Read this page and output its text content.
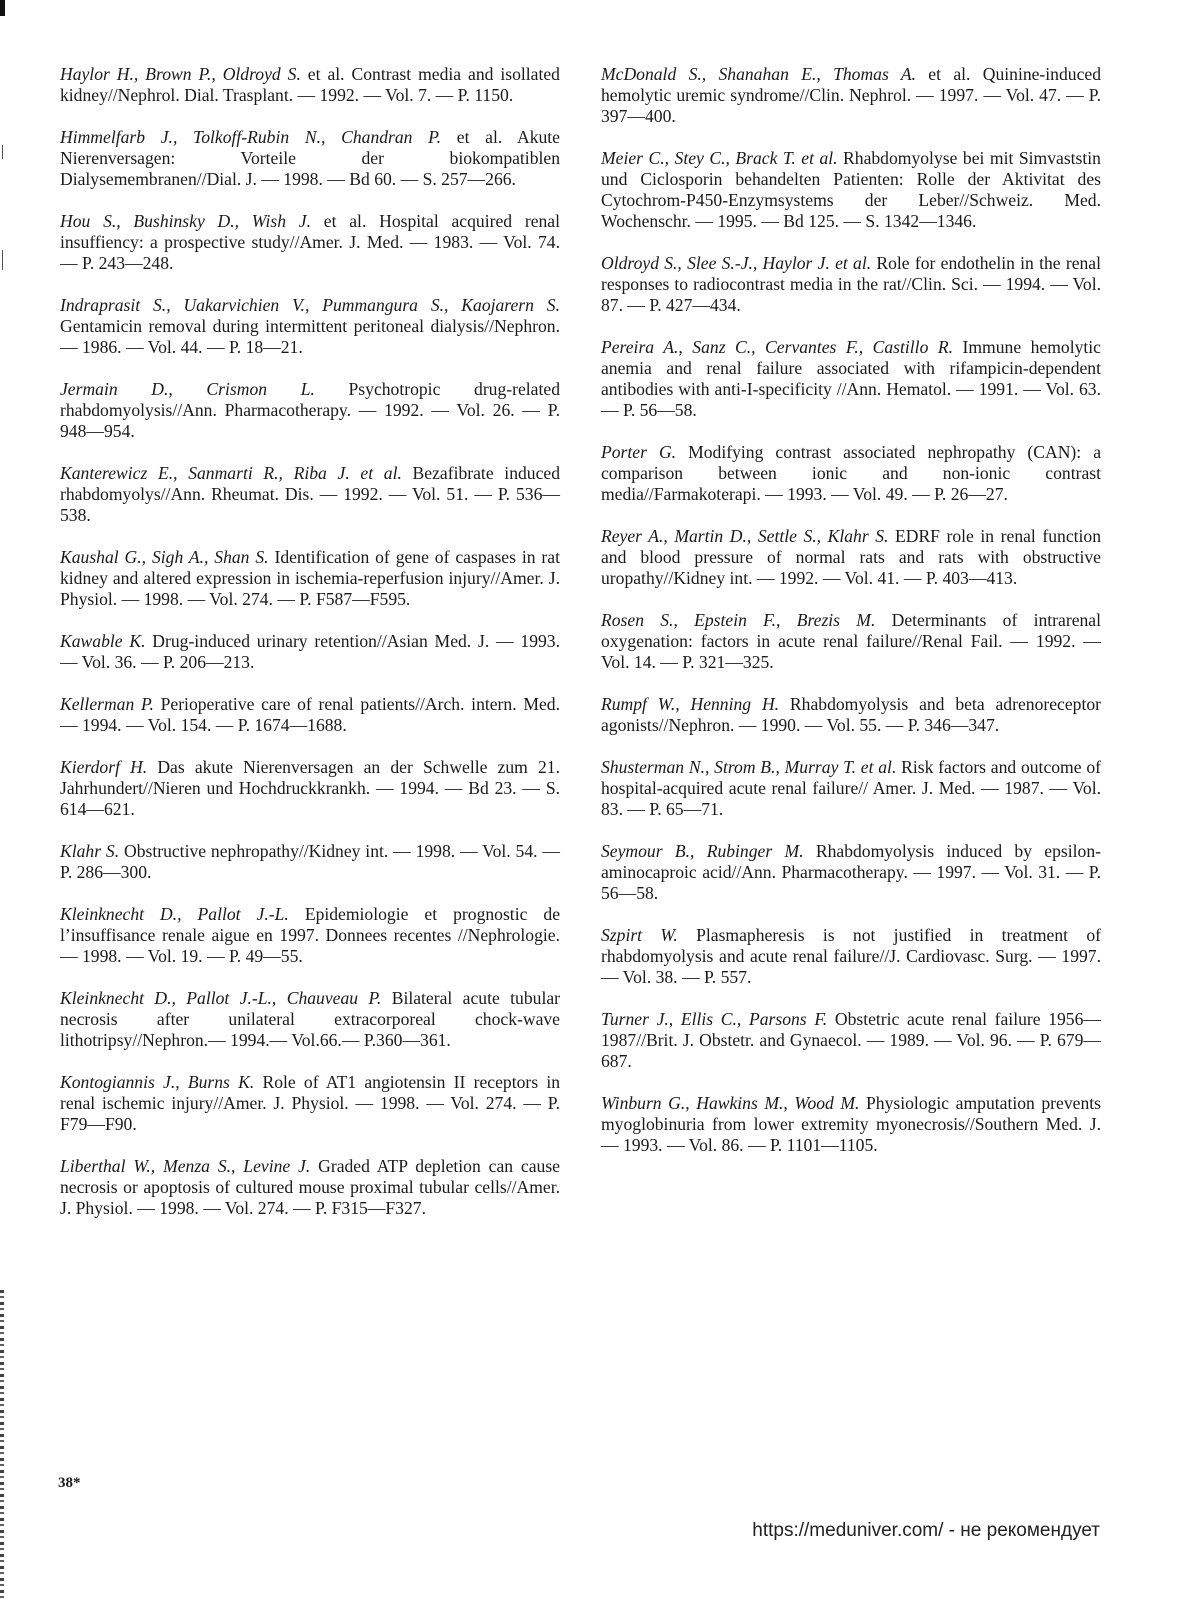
Haylor H., Brown P., Oldroyd S. et al. Contrast media and isollated kidney//Nephrol. Dial. Trasplant. — 1992. — Vol. 7. — P. 1150.

Himmelfarb J., Tolkoff-Rubin N., Chandran P. et al. Akute Nierenversagen: Vorteile der biokompatiblen Dialysemembranen//Dial. J. — 1998. — Bd 60. — S. 257—266.

Hou S., Bushinsky D., Wish J. et al. Hospital acquired renal insuffiency: a prospective study//Amer. J. Med. — 1983. — Vol. 74. — P. 243—248.

Indraprasit S., Uakarvichien V., Pummangura S., Kaojarern S. Gentamicin removal during intermittent peritoneal dialysis//Nephron. — 1986. — Vol. 44. — P. 18—21.

Jermain D., Crismon L. Psychotropic drug-related rhabdomyolysis//Ann. Pharmacotherapy. — 1992. — Vol. 26. — P. 948—954.

Kanterewicz E., Sanmarti R., Riba J. et al. Bezafibrate induced rhabdomyolys//Ann. Rheumat. Dis. — 1992. — Vol. 51. — P. 536—538.

Kaushal G., Sigh A., Shan S. Identification of gene of caspases in rat kidney and altered expression in ischemia-reperfusion injury//Amer. J. Physiol. — 1998. — Vol. 274. — P. F587—F595.

Kawable K. Drug-induced urinary retention//Asian Med. J. — 1993. — Vol. 36. — P. 206—213.

Kellerman P. Perioperative care of renal patients//Arch. intern. Med. — 1994. — Vol. 154. — P. 1674—1688.

Kierdorf H. Das akute Nierenversagen an der Schwelle zum 21. Jahrhundert//Nieren und Hochdruckkrankh. — 1994. — Bd 23. — S. 614—621.

Klahr S. Obstructive nephropathy//Kidney int. — 1998. — Vol. 54. — P. 286—300.

Kleinknecht D., Pallot J.-L. Epidemiologie et prognostic de l’insuffisance renale aigue en 1997. Donnees recentes //Nephrologie. — 1998. — Vol. 19. — P. 49—55.

Kleinknecht D., Pallot J.-L., Chauveau P. Bilateral acute tubular necrosis after unilateral extracorporeal chock-wave lithotripsy//Nephron.— 1994.— Vol.66.— P.360—361.

Kontogiannis J., Burns K. Role of AT1 angiotensin II receptors in renal ischemic injury//Amer. J. Physiol. — 1998. — Vol. 274. — P. F79—F90.

Liberthal W., Menza S., Levine J. Graded ATP depletion can cause necrosis or apoptosis of cultured mouse proximal tubular cells//Amer. J. Physiol. — 1998. — Vol. 274. — P. F315—F327.

McDonald S., Shanahan E., Thomas A. et al. Quinine-induced hemolytic uremic syndrome//Clin. Nephrol. — 1997. — Vol. 47. — P. 397—400.

Meier C., Stey C., Brack T. et al. Rhabdomyolyse bei mit Simvaststin und Ciclosporin behandelten Patienten: Rolle der Aktivitat des Cytochrom-P450-Enzymsystems der Leber//Schweiz. Med. Wochenschr. — 1995. — Bd 125. — S. 1342—1346.

Oldroyd S., Slee S.-J., Haylor J. et al. Role for endothelin in the renal responses to radiocontrast media in the rat//Clin. Sci. — 1994. — Vol. 87. — P. 427—434.

Pereira A., Sanz C., Cervantes F., Castillo R. Immune hemolytic anemia and renal failure associated with rifampicin-dependent antibodies with anti-I-specificity //Ann. Hematol. — 1991. — Vol. 63. — P. 56—58.

Porter G. Modifying contrast associated nephropathy (CAN): a comparison between ionic and non-ionic contrast media//Farmakoterapi. — 1993. — Vol. 49. — P. 26—27.

Reyer A., Martin D., Settle S., Klahr S. EDRF role in renal function and blood pressure of normal rats and rats with obstructive uropathy//Kidney int. — 1992. — Vol. 41. — P. 403—413.

Rosen S., Epstein F., Brezis M. Determinants of intrarenal oxygenation: factors in acute renal failure//Renal Fail. — 1992. — Vol. 14. — P. 321—325.

Rumpf W., Henning H. Rhabdomyolysis and beta adrenoreceptor agonists//Nephron. — 1990. — Vol. 55. — P. 346—347.

Shusterman N., Strom B., Murray T. et al. Risk factors and outcome of hospital-acquired acute renal failure// Amer. J. Med. — 1987. — Vol. 83. — P. 65—71.

Seymour B., Rubinger M. Rhabdomyolysis induced by epsilon-aminocaproic acid//Ann. Pharmacotherapy. — 1997. — Vol. 31. — P. 56—58.

Szpirt W. Plasmapheresis is not justified in treatment of rhabdomyolysis and acute renal failure//J. Cardiovasc. Surg. — 1997. — Vol. 38. — P. 557.

Turner J., Ellis C., Parsons F. Obstetric acute renal failure 1956—1987//Brit. J. Obstetr. and Gynaecol. — 1989. — Vol. 96. — P. 679—687.

Winburn G., Hawkins M., Wood M. Physiologic amputation prevents myoglobinuria from lower extremity myonecrosis//Southern Med. J. — 1993. — Vol. 86. — P. 1101—1105.

38*
https://meduniver.com/ - не рекомендует
